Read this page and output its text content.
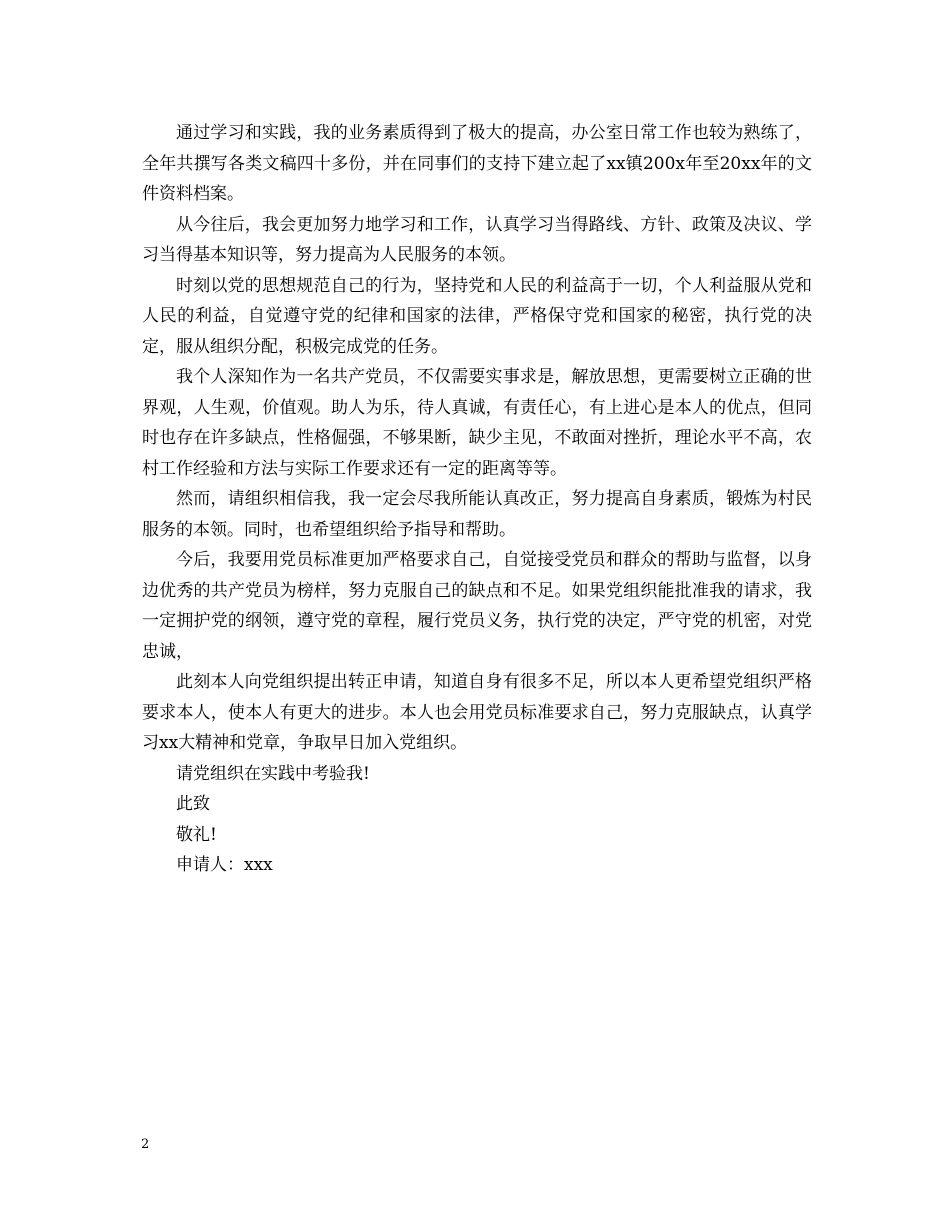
通过学习和实践，我的业务素质得到了极大的提高，办公室日常工作也较为熟练了，全年共撰写各类文稿四十多份，并在同事们的支持下建立起了xx镇200x年至20xx年的文件资料档案。

从今往后，我会更加努力地学习和工作，认真学习当得路线、方针、政策及决议、学习当得基本知识等，努力提高为人民服务的本领。

时刻以党的思想规范自己的行为，坚持党和人民的利益高于一切，个人利益服从党和人民的利益，自觉遵守党的纪律和国家的法律，严格保守党和国家的秘密，执行党的决定，服从组织分配，积极完成党的任务。

我个人深知作为一名共产党员，不仅需要实事求是，解放思想，更需要树立正确的世界观，人生观，价值观。助人为乐，待人真诚，有责任心，有上进心是本人的优点，但同时也存在许多缺点，性格倔强，不够果断，缺少主见，不敢面对挫折，理论水平不高，农村工作经验和方法与实际工作要求还有一定的距离等等。

然而，请组织相信我，我一定会尽我所能认真改正，努力提高自身素质，锻炼为村民服务的本领。同时，也希望组织给予指导和帮助。

今后，我要用党员标准更加严格要求自己，自觉接受党员和群众的帮助与监督，以身边优秀的共产党员为榜样，努力克服自己的缺点和不足。如果党组织能批准我的请求，我一定拥护党的纲领，遵守党的章程，履行党员义务，执行党的决定，严守党的机密，对党忠诚，

此刻本人向党组织提出转正申请，知道自身有很多不足，所以本人更希望党组织严格要求本人，使本人有更大的进步。本人也会用党员标准要求自己，努力克服缺点，认真学习xx大精神和党章，争取早日加入党组织。

请党组织在实践中考验我!

此致

敬礼!

申请人：xxx

2
